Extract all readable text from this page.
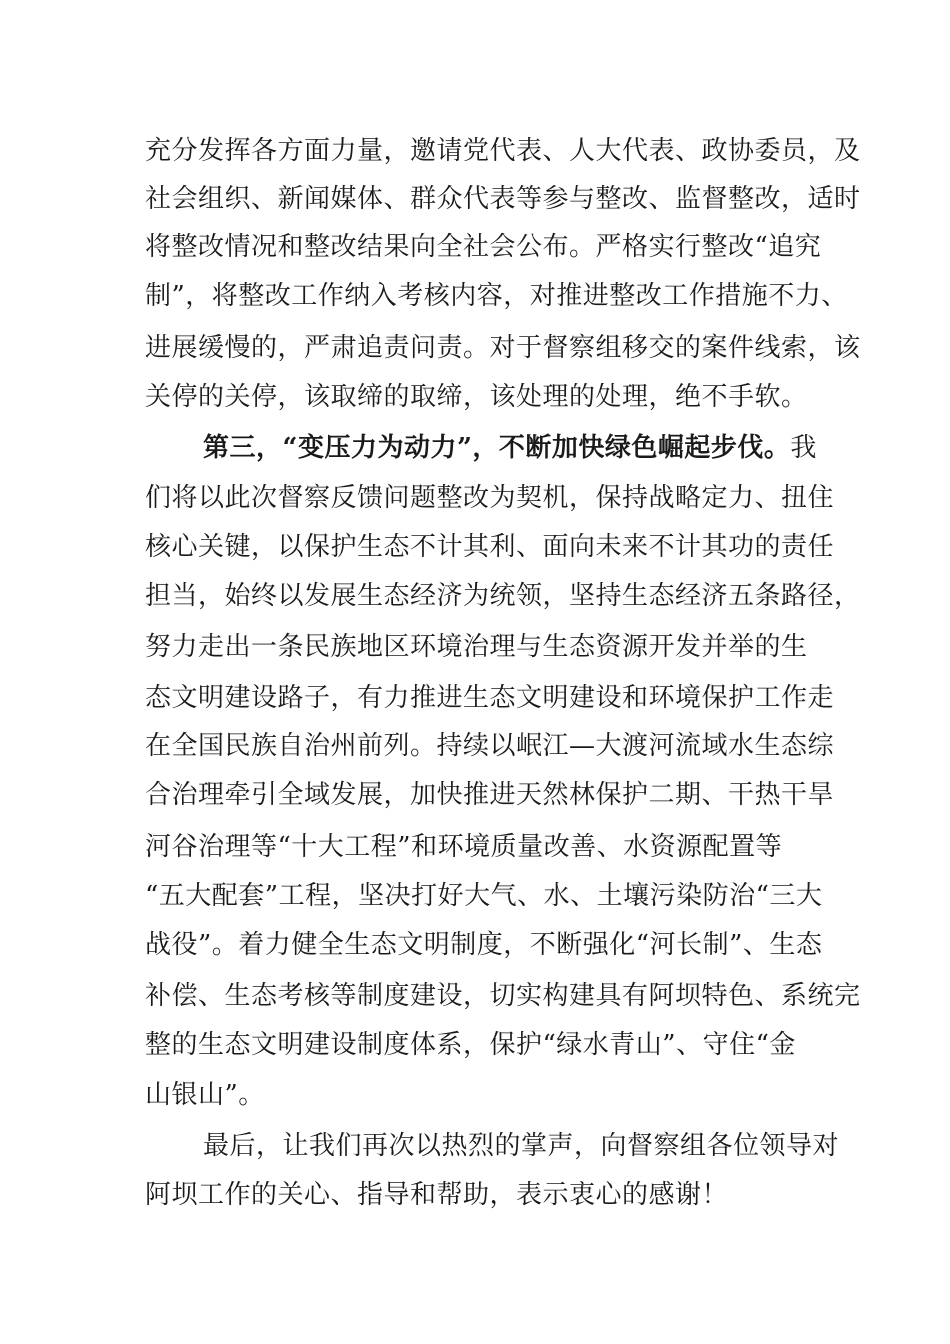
充分发挥各方面力量，邀请党代表、人大代表、政协委员，及
社会组织、新闻媒体、群众代表等参与整改、监督整改，适时
将整改情况和整改结果向全社会公布。严格实行整改“追究
制”，将整改工作纳入考核内容，对推进整改工作措施不力、
进展缓慢的，严肃追责问责。对于督察组移交的案件线索，该
关停的关停，该取缔的取缔，该处理的处理，绝不手软。
第三，“变压力为动力”，不断加快绿色崛起步伐。我
们将以此次督察反馈问题整改为契机，保持战略定力、扭住
核心关键，以保护生态不计其利、面向未来不计其功的责任
担当，始终以发展生态经济为统领，坚持生态经济五条路径，
努力走出一条民族地区环境治理与生态资源开发并举的生
态文明建设路子，有力推进生态文明建设和环境保护工作走
在全国民族自治州前列。持续以岷江—大渡河流域水生态综
合治理牵引全域发展，加快推进天然林保护二期、干热干旱
河谷治理等“十大工程”和环境质量改善、水资源配置等
“五大配套”工程，坚决打好大气、水、土壤污染防治“三大
战役”。着力健全生态文明制度，不断强化“河长制”、生态
补偿、生态考核等制度建设，切实构建具有阿坝特色、系统完
整的生态文明建设制度体系，保护“绿水青山”、守住“金
山银山”。
最后，让我们再次以热烈的掌声，向督察组各位领导对
阿坝工作的关心、指导和帮助，表示衷心的感谢！
